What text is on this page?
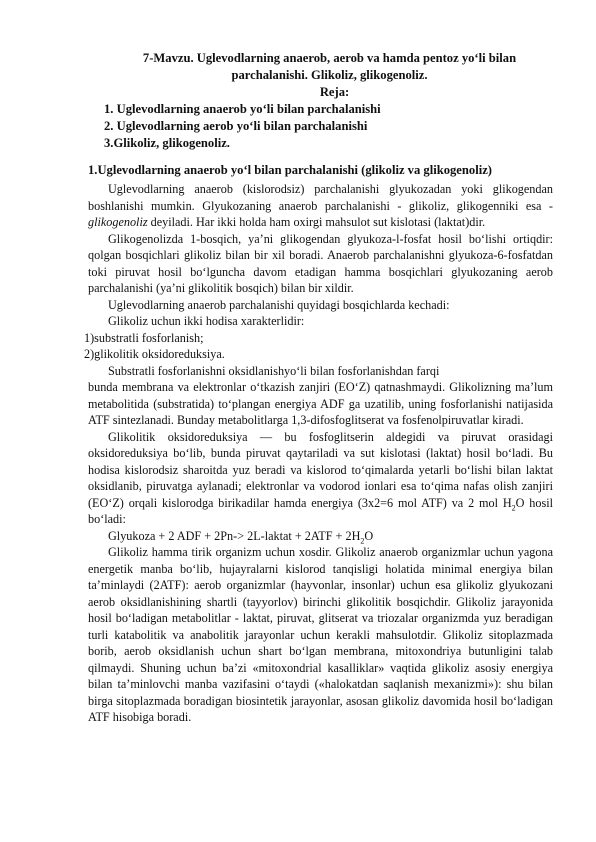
7-Mavzu. Uglevodlarning anaerob, aerob va hamda pentoz yo‘li bilan parchalanishi. Glikoliz, glikogenoliz.
Reja:
1. Uglevodlarning anaerob yo‘li bilan parchalanishi
2. Uglevodlarning aerob yo‘li bilan parchalanishi
3.Glikoliz, glikogenoliz.
1.Uglevodlarning anaerob yo‘l bilan parchalanishi (glikoliz va glikogenoliz)

Uglevodlarning anaerob (kislorodsiz) parchalanishi glyukozadan yoki glikogendan boshlanishi mumkin. Glyukozaning anaerob parchalanishi - glikoliz, glikogenniki esa - glikogenoliz deyiladi. Har ikki holda ham oxirgi mahsulot sut kislotasi (laktat)dir.

Glikogenolizda 1-bosqich, ya’ni glikogendan glyukoza-l-fosfat hosil bo‘lishi ortiqdir: qolgan bosqichlari glikoliz bilan bir xil boradi. Anaerob parchalanishni glyukoza-6-fosfatdan toki piruvat hosil bo‘lguncha davom etadigan hamma bosqichlari glyukozaning aerob parchalanishi (ya’ni glikolitik bosqich) bilan bir xildir.

Uglevodlarning anaerob parchalanishi quyidagi bosqichlarda kechadi:

Glikoliz uchun ikki hodisa xarakterlidir:

1)substratli fosforlanish;

2)glikolitik oksidoreduksiya.

Substratli fosforlanishni oksidlanishyo‘li bilan fosforlanishdan farqi

bunda membrana va elektronlar o‘tkazish zanjiri (EO‘Z) qatnashmaydi. Glikolizning ma’lum metabolitida (substratida) to‘plangan energiya ADF ga uzatilib, uning fosforlanishi natijasida ATF sintezlanadi. Bunday metabolitlarga 1,3-difosfoglitserat va fosfenolpiruvatlar kiradi.

Glikolitik oksidoreduksiya — bu fosfoglitserin aldegidi va piruvat orasidagi oksidoreduksiya bo‘lib, bunda piruvat qaytariladi va sut kislotasi (laktat) hosil bo‘ladi. Bu hodisa kislorodsiz sharoitda yuz beradi va kislorod to‘qimalarda yetarli bo‘lishi bilan laktat oksidlanib, piruvatga aylanadi; elektronlar va vodorod ionlari esa to‘qima nafas olish zanjiri (EO‘Z) orqali kislorodga birikadilar hamda energiya (3x2=6 mol ATF) va 2 mol $H_2O$ hosil bo‘ladi:

Glyukoza + 2 ADF + 2Pn-> 2L-laktat + $2ATF + 2H_2O$

Glikoliz hamma tirik organizm uchun xosdir. Glikoliz anaerob organizmlar uchun yagona energetik manba bo‘lib, hujayralarni kislorod tanqisligi holatida minimal energiya bilan ta’minlaydi (2ATF): aerob organizmlar (hayvonlar, insonlar) uchun esa glikoliz glyukozani aerob oksidlanishining shartli (tayyorlov) birinchi glikolitik bosqichdir. Glikoliz jarayonida hosil bo‘ladigan metabolitlar - laktat, piruvat, glitserat va triozalar organizmda yuz beradigan turli katabolitik va anabolitik jarayonlar uchun kerakli mahsulotdir. Glikoliz sitoplazmada borib, aerob oksidlanish uchun shart bo‘lgan membrana, mitoxondriya butunligini talab qilmaydi. Shuning uchun ba’zi «mitoxondrial kasalliklar» vaqtida glikoliz asosiy energiya bilan ta’minlovchi manba vazifasini o‘taydi («halokatdan saqlanish mexanizmi»): shu bilan birga sitoplazmada boradigan biosintetik jarayonlar, asosan glikoliz davomida hosil bo‘ladigan ATF hisobiga boradi.
